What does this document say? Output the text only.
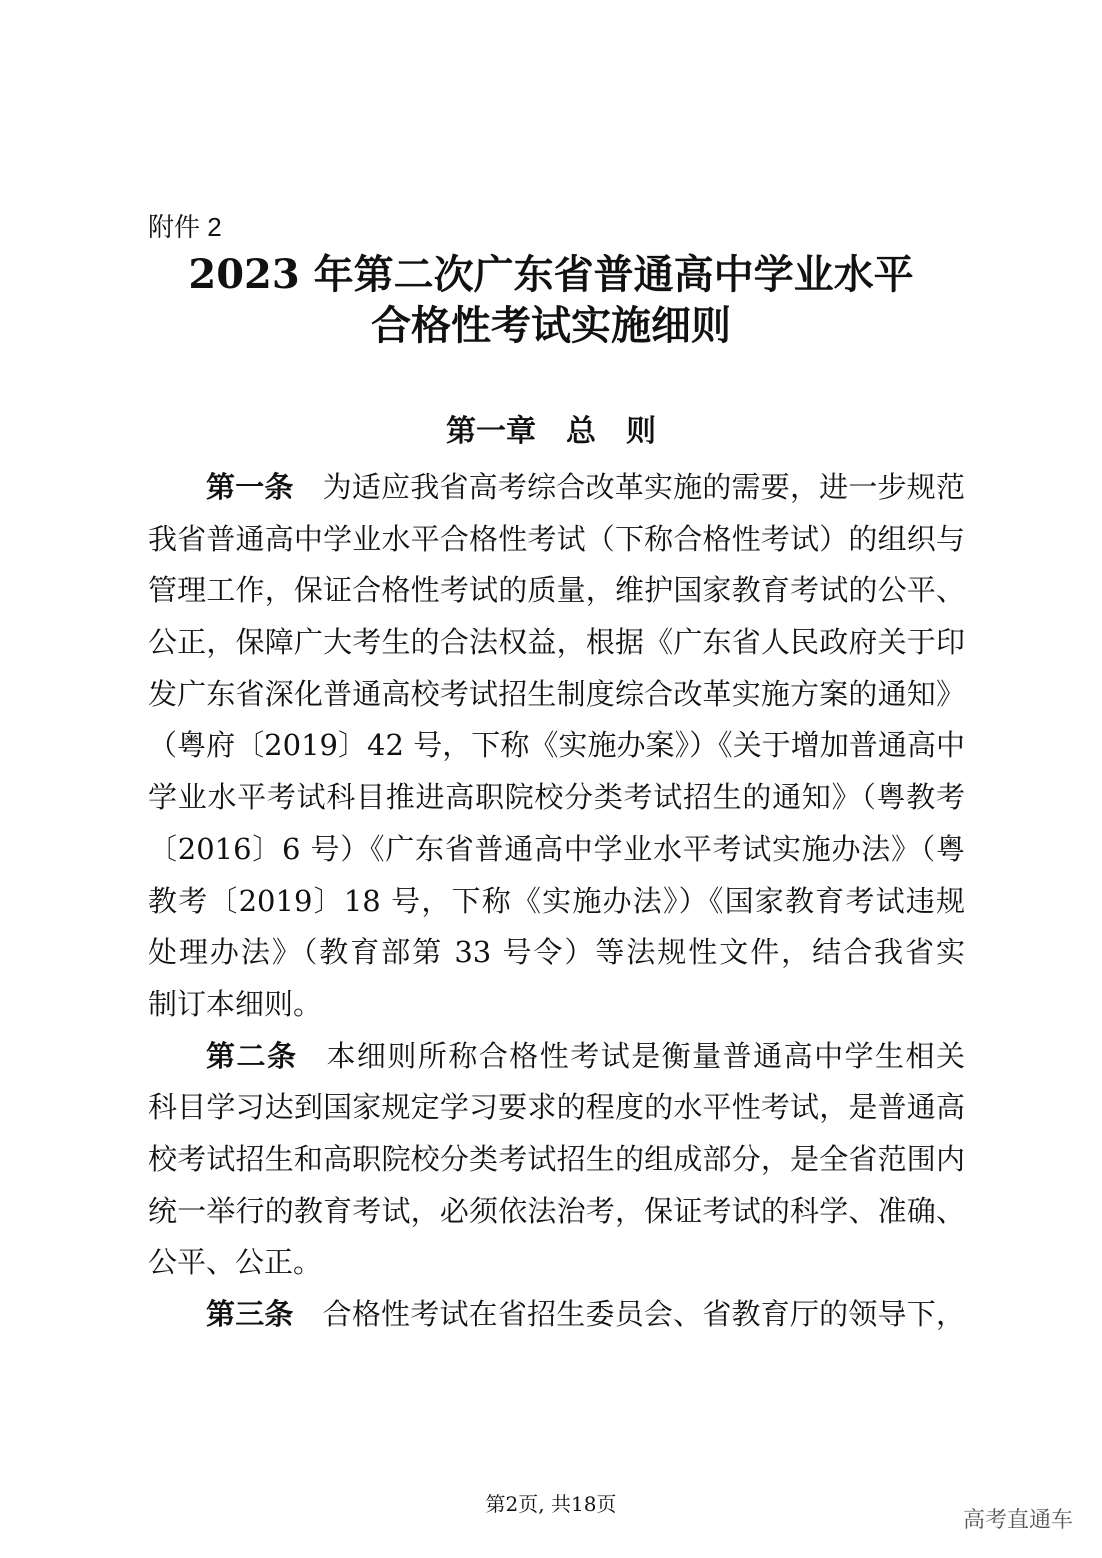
附件 2
2023 年第二次广东省普通高中学业水平
合格性考试实施细则
第一章　总　则
第一条 为适应我省高考综合改革实施的需要，进一步规范
我省普通高中学业水平合格性考试（下称合格性考试）的组织与
管理工作，保证合格性考试的质量，维护国家教育考试的公平、
公正，保障广大考生的合法权益，根据《广东省人民政府关于印
发广东省深化普通高校考试招生制度综合改革实施方案的通知》
（粤府〔2019〕42 号，下称《实施办案》）《关于增加普通高中
学业水平考试科目推进高职院校分类考试招生的通知》（粤教考
〔2016〕6 号）《广东省普通高中学业水平考试实施办法》（粤
教考〔2019〕18 号，下称《实施办法》）《国家教育考试违规
处理办法》（教育部第 33 号令）等法规性文件，结合我省实
制订本细则。
第二条 本细则所称合格性考试是衡量普通高中学生相关
科目学习达到国家规定学习要求的程度的水平性考试，是普通高
校考试招生和高职院校分类考试招生的组成部分，是全省范围内
统一举行的教育考试，必须依法治考，保证考试的科学、准确、
公平、公正。
第三条 合格性考试在省招生委员会、省教育厅的领导下，
第2页, 共18页
高考直通车
